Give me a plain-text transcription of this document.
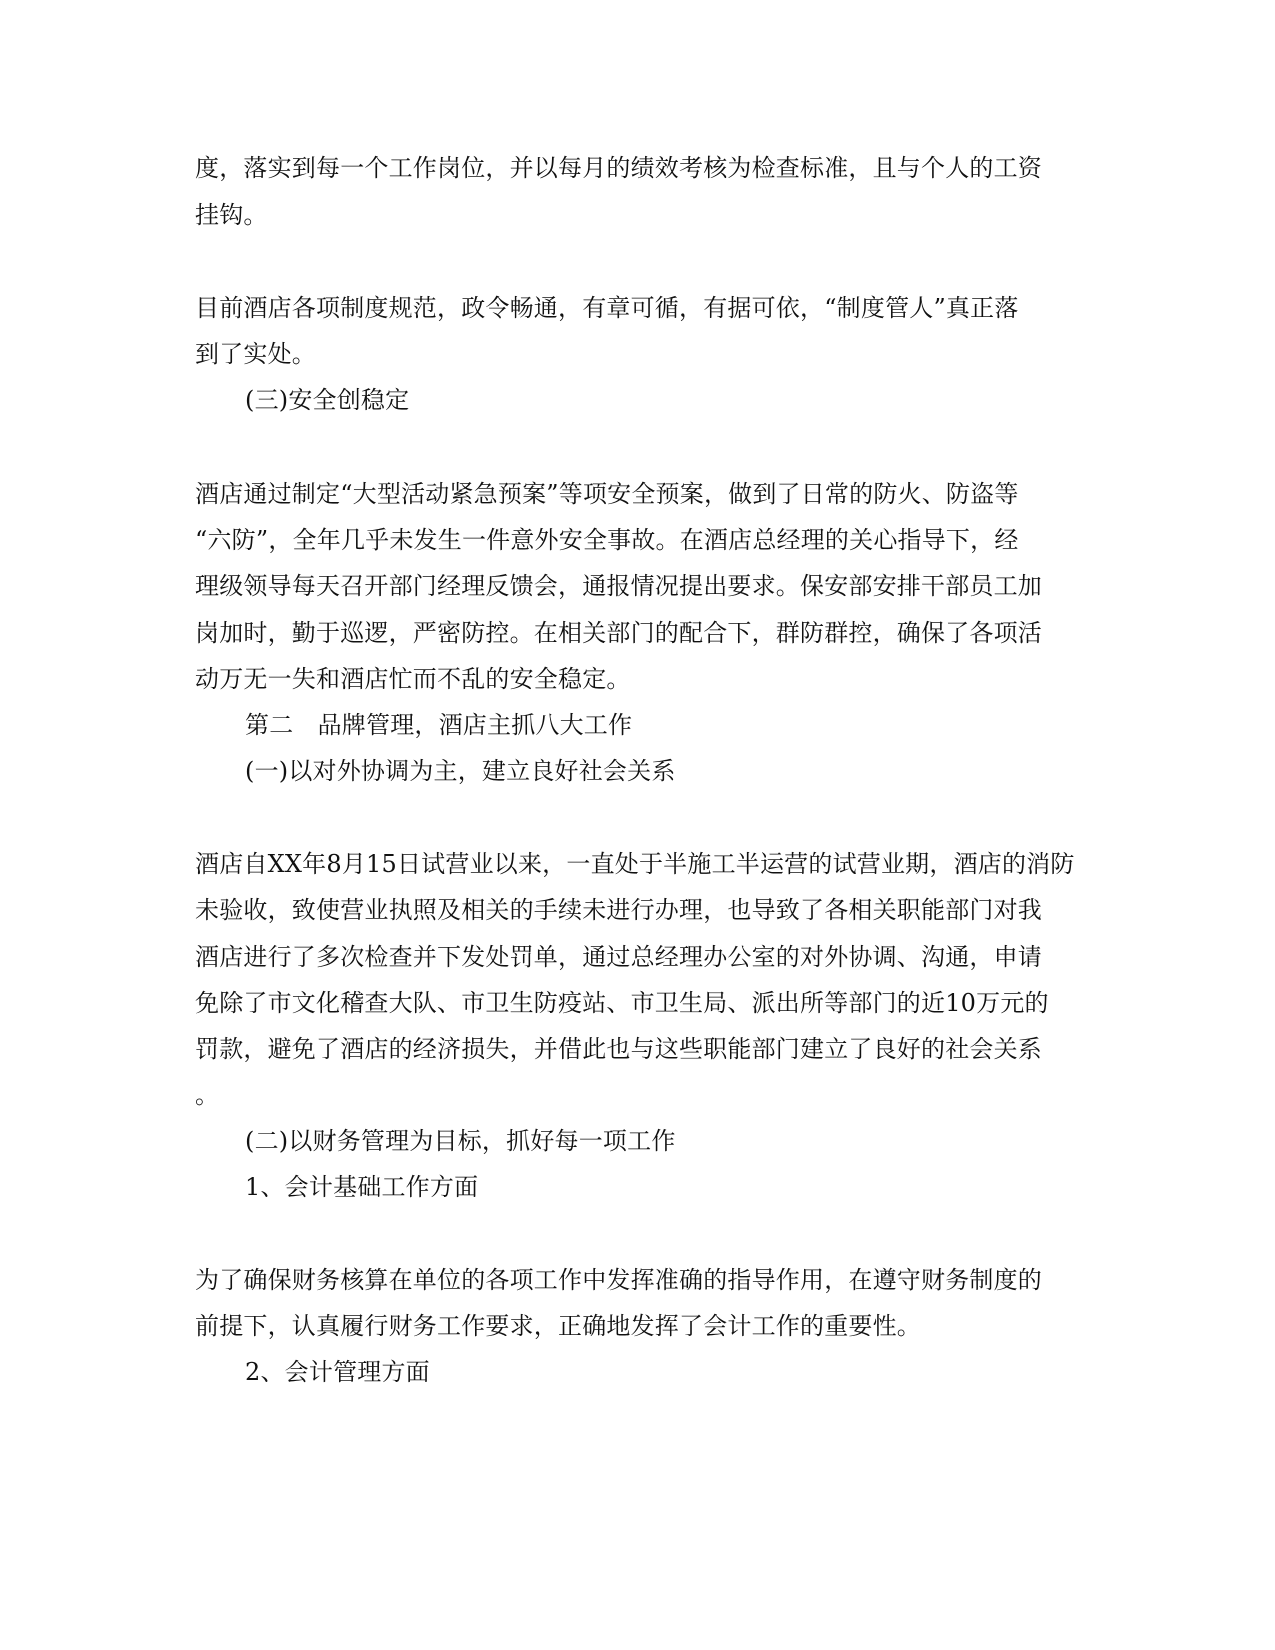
度，落实到每一个工作岗位，并以每月的绩效考核为检查标准，且与个人的工资
挂钩。
目前酒店各项制度规范，政令畅通，有章可循，有据可依，“制度管人”真正落
到了实处。
(三)安全创稳定
酒店通过制定“大型活动紧急预案”等项安全预案，做到了日常的防火、防盗等
“六防”，全年几乎未发生一件意外安全事故。在酒店总经理的关心指导下，经
理级领导每天召开部门经理反馈会，通报情况提出要求。保安部安排干部员工加
岗加时，勤于巡逻，严密防控。在相关部门的配合下，群防群控，确保了各项活
动万无一失和酒店忙而不乱的安全稳定。
第二　品牌管理，酒店主抓八大工作
(一)以对外协调为主，建立良好社会关系
酒店自XX年8月15日试营业以来，一直处于半施工半运营的试营业期，酒店的消防
未验收，致使营业执照及相关的手续未进行办理，也导致了各相关职能部门对我
酒店进行了多次检查并下发处罚单，通过总经理办公室的对外协调、沟通，申请
免除了市文化稽查大队、市卫生防疫站、市卫生局、派出所等部门的近10万元的
罚款，避免了酒店的经济损失，并借此也与这些职能部门建立了良好的社会关系
。
(二)以财务管理为目标，抓好每一项工作
1、会计基础工作方面
为了确保财务核算在单位的各项工作中发挥准确的指导作用，在遵守财务制度的
前提下，认真履行财务工作要求，正确地发挥了会计工作的重要性。
2、会计管理方面
